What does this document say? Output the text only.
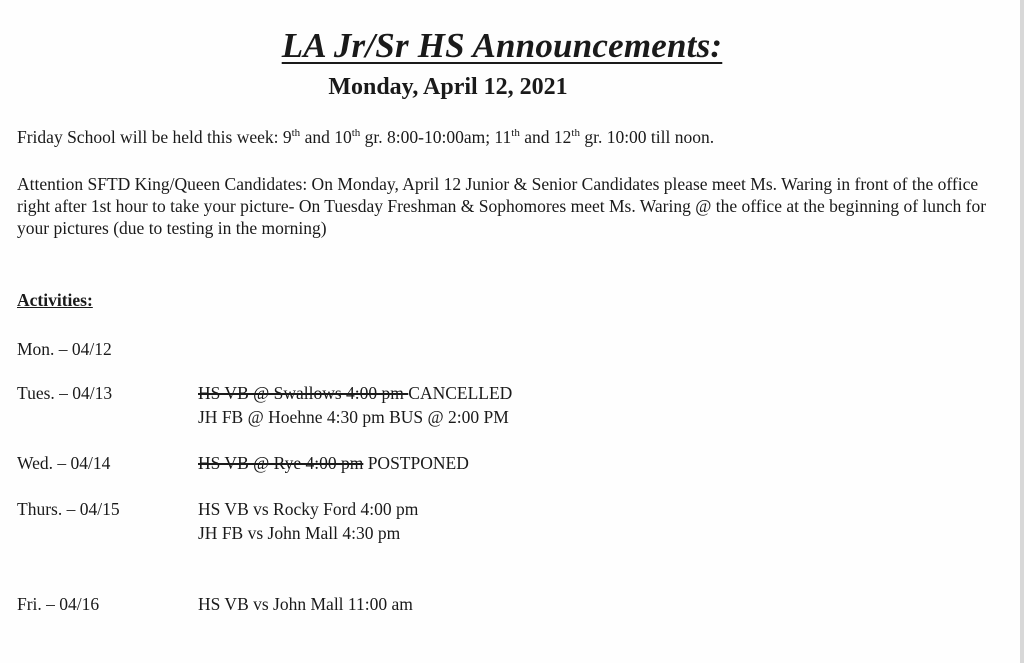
LA Jr/Sr HS Announcements:
Monday, April 12, 2021
Friday School will be held this week: 9th and 10th gr. 8:00-10:00am; 11th and 12th gr. 10:00 till noon.
Attention SFTD King/Queen Candidates: On Monday, April 12 Junior & Senior Candidates please meet Ms. Waring in front of the office right after 1st hour to take your picture- On Tuesday Freshman & Sophomores meet Ms. Waring @ the office at the beginning of lunch for your pictures (due to testing in the morning)
Activities:
Mon. – 04/12
Tues. – 04/13	HS VB @ Swallows 4:00 pm CANCELLED
JH FB @ Hoehne 4:30 pm BUS @ 2:00 PM
Wed. – 04/14	HS VB @ Rye 4:00 pm POSTPONED
Thurs. – 04/15	HS VB vs Rocky Ford 4:00 pm
JH FB vs John Mall 4:30 pm
Fri. – 04/16	HS VB vs John Mall 11:00 am
